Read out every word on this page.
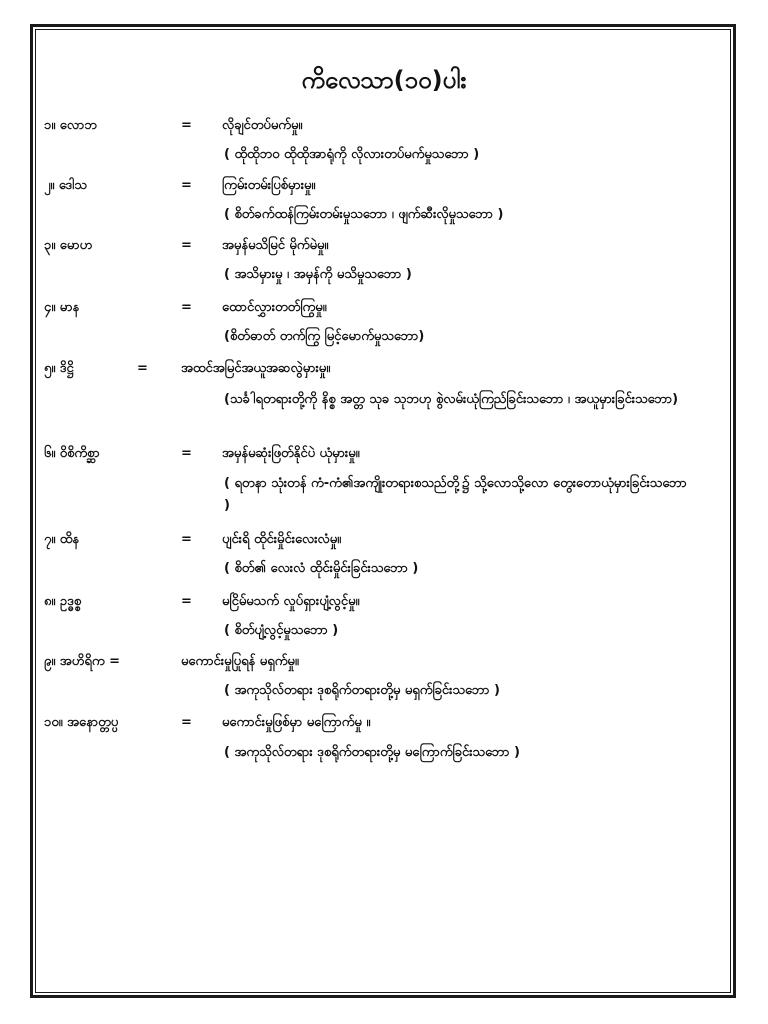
ကိလေသာ(၁၀)ပါး
၁။ လောဘ	= လိုချင်တပ်မက်မှု။
( ထိုထိုဘ၀ ထိုထိုအာရုံကို လိုလားတပ်မက်မှုသဘော )
၂။ ဒေါသ	= ကြမ်းတမ်းပြစ်မှားမှု။
( စိတ်ခက်ထန်ကြမ်းတမ်းမှုသဘော ၊ ဖျက်ဆီးလိုမှုသဘော )
၃။ မောဟ	= အမှန်မသိမြင် မိုက်မဲမှု။
( အသိမှားမှု ၊ အမှန်ကို မသိမှုသဘော )
၄။ မာန	= ထောင်လွှားတတ်ကြွမှု။
(စိတ်ဓာတ် တက်ကြွ မြင့်မောက်မှုသဘော)
၅။ ဒိဋ္ဌိ	=	အထင်အမြင်အယူအဆလွဲမှားမှု။
(သင်္ခါရတရားတို့ကို နိစ္စ အတ္တ သုခ သုဘဟု စွဲလမ်းယုံကြည်ခြင်းသဘော ၊ အယူမှားခြင်းသဘော)
၆။ ဝိစိကိစ္ဆာ	= အမှန်မဆုံးဖြတ်နိုင်ပဲ ယုံမှားမှု။
( ရတနာ သုံးတန် ကံ-ကံ၏အကျိုးတရားစသည်တို့၌ သို့လောသို့လော တွေးတောယုံမှားခြင်းသဘော )
၇။ ထိန	= ပျင်းရိ ထိုင်းမှိုင်းလေးလံမှု။
( စိတ်၏ လေးလံ ထိုင်းမှိုင်းခြင်းသဘော )
၈။ ဥဒ္ဓစ္စ	= မငြိမ်မသက် လှုပ်ရှားပျံ့လွင့်မှု။
( စိတ်ပျံ့လွင့်မှုသဘော )
၉။ အဟိရိက =	မကောင်းမှုပြုရန် မရှက်မှု။
( အကုသိုလ်တရား ဒုစရိုက်တရားတို့မှ မရှက်ခြင်းသဘော )
၁၀။ အနောတ္တပ္ပ	= မကောင်းမှုဖြစ်မှာ မကြောက်မှု ။
( အကုသိုလ်တရား ဒုစရိုက်တရားတို့မှ မကြောက်ခြင်းသဘော )
